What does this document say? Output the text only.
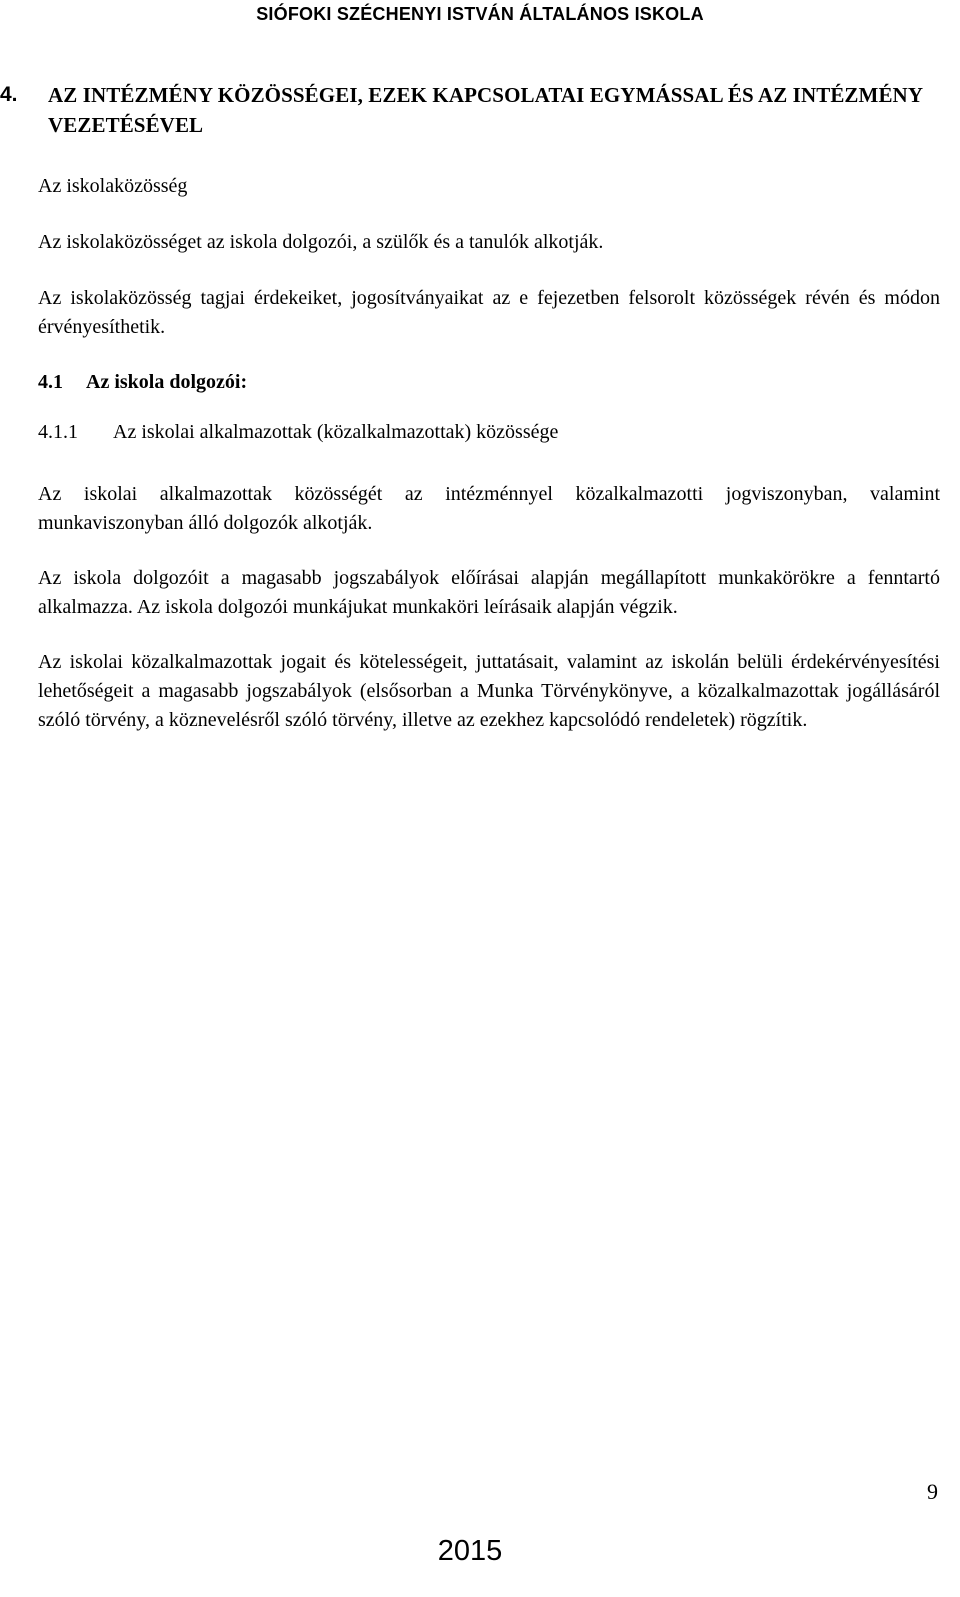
SIÓFOKI SZÉCHENYI ISTVÁN ÁLTALÁNOS ISKOLA
4.	AZ INTÉZMÉNY KÖZÖSSÉGEI, EZEK KAPCSOLATAI EGYMÁSSAL ÉS AZ INTÉZMÉNY VEZETÉSÉVEL
Az iskolaközösség
Az iskolaközösséget az iskola dolgozói, a szülők és a tanulók alkotják.
Az iskolaközösség tagjai érdekeiket, jogosítványaikat az e fejezetben felsorolt közösségek révén és módon érvényesíthetik.
4.1 Az iskola dolgozói:
4.1.1 Az iskolai alkalmazottak (közalkalmazottak) közössége
Az iskolai alkalmazottak közösségét az intézménnyel közalkalmazotti jogviszonyban, valamint munkaviszonyban álló dolgozók alkotják.
Az iskola dolgozóit a magasabb jogszabályok előírásai alapján megállapított munkakörökre a fenntartó alkalmazza. Az iskola dolgozói munkájukat munkaköri leírásaik alapján végzik.
Az iskolai közalkalmazottak jogait és kötelességeit, juttatásait, valamint az iskolán belüli érdekérvényesítési lehetőségeit a magasabb jogszabályok (elsősorban a Munka Törvénykönyve, a közalkalmazottak jogállásáról szóló törvény, a köznevelésről szóló törvény, illetve az ezekhez kapcsolódó rendeletek) rögzítik.
9
2015
